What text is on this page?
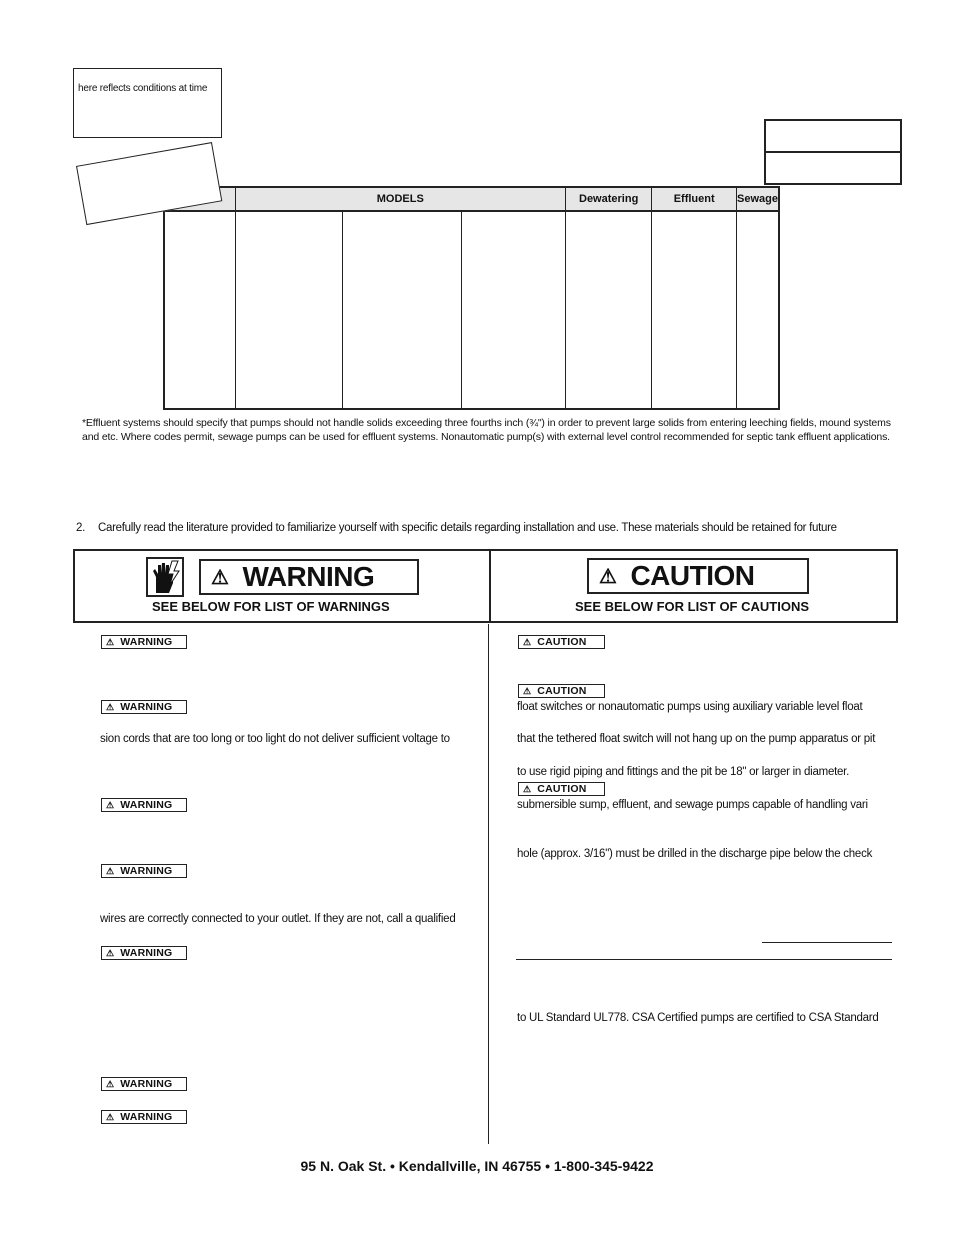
here reflects conditions at time
	MODELS			Dewatering	Effluent	Sewage

*Effluent systems should specify that pumps should not handle solids exceeding three fourths inch (¾") in order to prevent large solids from entering leeching fields, mound systems
and etc. Where codes permit, sewage pumps can be used for effluent systems. Nonautomatic pump(s) with external level control recommended for septic tank effluent applications.
2. Carefully read the literature provided to familiarize yourself with specific details regarding installation and use. These materials should be retained for future
⚠ WARNING
SEE BELOW FOR LIST OF WARNINGS
⚠ CAUTION
SEE BELOW FOR LIST OF CAUTIONS
⚠ WARNING
⚠ WARNING
sion cords that are too long or too light do not deliver sufficient voltage to
⚠ WARNING
⚠ WARNING
wires are correctly connected to your outlet. If they are not, call a qualified
⚠ WARNING
⚠ WARNING
⚠ WARNING
⚠ CAUTION
⚠ CAUTION
float switches or nonautomatic pumps using auxiliary variable level float
that the tethered float switch will not hang up on the pump apparatus or pit
to use rigid piping and fittings and the pit be 18" or larger in diameter.
⚠ CAUTION
submersible sump, effluent, and sewage pumps capable of handling vari
hole (approx. 3/16") must be drilled in the discharge pipe below the check
to UL Standard UL778. CSA Certified pumps are certified to CSA Standard
95 N. Oak St. • Kendallville, IN 46755 • 1-800-345-9422
